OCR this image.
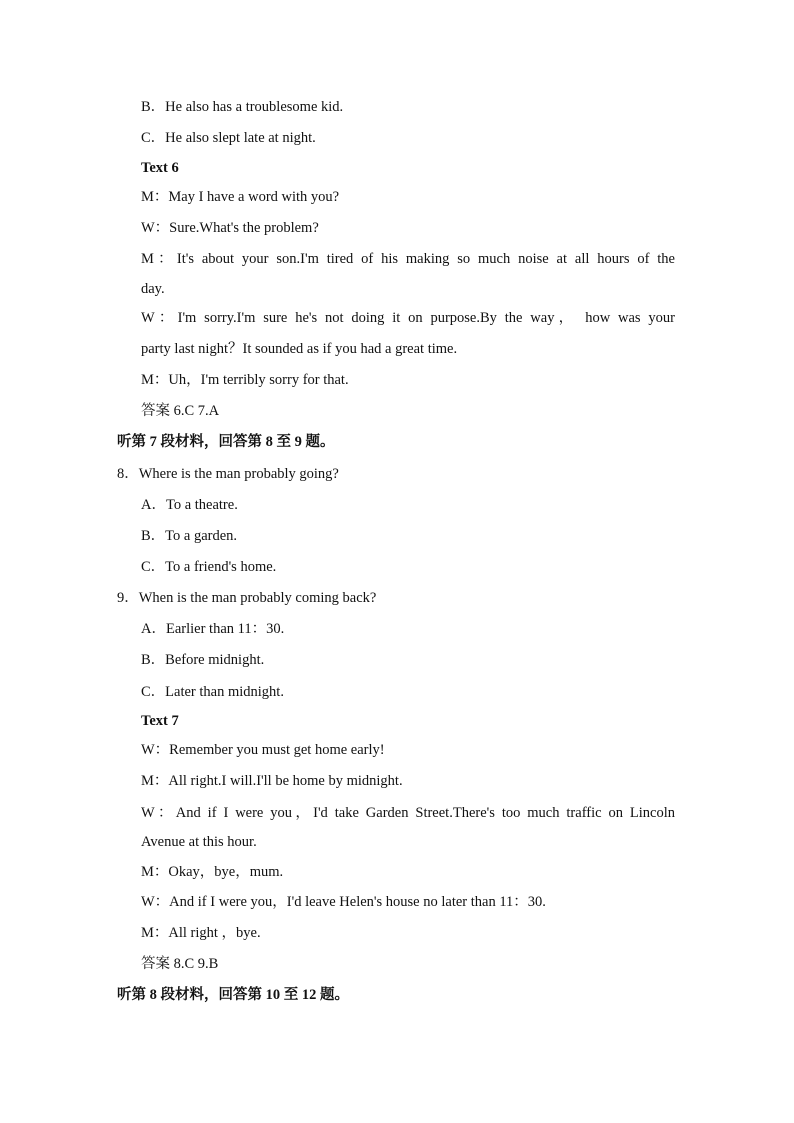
B．He also has a troublesome kid.
C．He also slept late at night.
Text 6
M：May I have a word with you?
W：Sure.What's the problem?
M：It's about your son.I'm tired of his making so much noise at all hours of the
day.
W：I'm sorry.I'm sure he's not doing it on purpose.By the way， how was your
party last night？It sounded as if you had a great time.
M：Uh，I'm terribly sorry for that.
答案 6.C 7.A
听第 7 段材料，回答第 8 至 9 题。
8．Where is the man probably going?
A．To a theatre.
B．To a garden.
C．To a friend's home.
9．When is the man probably coming back?
A．Earlier than 11：30.
B．Before midnight.
C．Later than midnight.
Text 7
W：Remember you must get home early!
M：All right.I will.I'll be home by midnight.
W：And if I were you，I'd take Garden Street.There's too much traffic on Lincoln
Avenue at this hour.
M：Okay，bye，mum.
W：And if I were you，I'd leave Helen's house no later than 11：30.
M：All right ，bye.
答案 8.C 9.B
听第 8 段材料，回答第 10 至 12 题。
